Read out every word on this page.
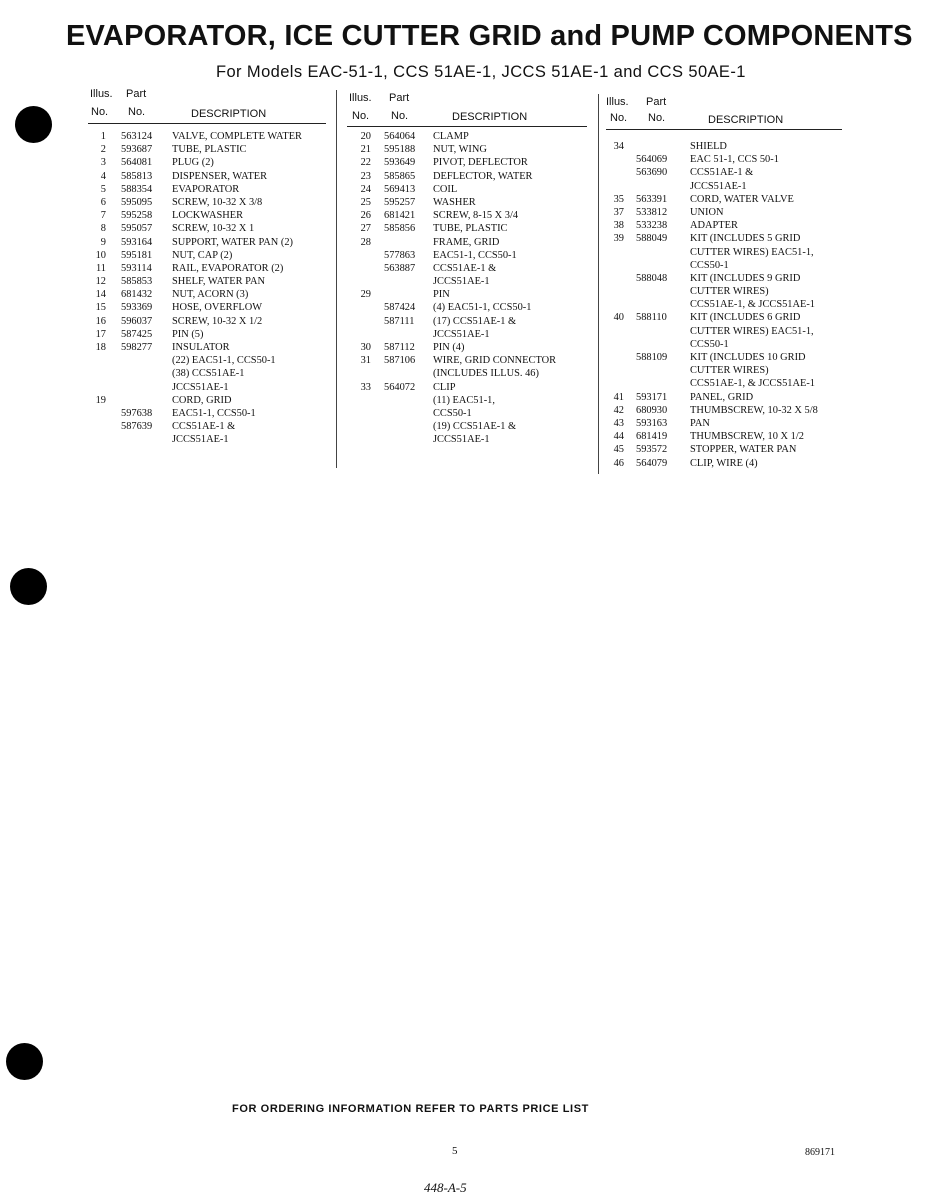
EVAPORATOR, ICE CUTTER GRID and PUMP COMPONENTS
For Models EAC-51-1, CCS 51AE-1, JCCS 51AE-1 and CCS 50AE-1
Illus. Part
No. No.	DESCRIPTION
1 563124 VALVE, COMPLETE WATER
2 593687 TUBE, PLASTIC
3 564081 PLUG (2)
4 585813 DISPENSER, WATER
5 588354 EVAPORATOR
6 595095 SCREW, 10-32 X 3/8
7 595258 LOCKWASHER
8 595057 SCREW, 10-32 X 1
9 593164 SUPPORT, WATER PAN (2)
10 595181 NUT, CAP (2)
11 593114 RAIL, EVAPORATOR (2)
12 585853 SHELF, WATER PAN
14 681432 NUT, ACORN (3)
15 593369 HOSE, OVERFLOW
16 596037 SCREW, 10-32 X 1/2
17 587425 PIN (5)
18 598277 INSULATOR
(22) EAC51-1, CCS50-1
(38) CCS51AE-1
JCCS51AE-1
19	CORD, GRID
597638 EAC51-1, CCS50-1
587639 CCS51AE-1 &
JCCS51AE-1
Illus. Part
No. No.	DESCRIPTION
20 564064 CLAMP
21 595188 NUT, WING
22 593649 PIVOT, DEFLECTOR
23 585865 DEFLECTOR, WATER
24 569413 COIL
25 595257 WASHER
26 681421 SCREW, 8-15 X 3/4
27 585856 TUBE, PLASTIC
28	FRAME, GRID
577863 EAC51-1, CCS50-1
563887 CCS51AE-1 &
JCCS51AE-1
29	PIN
587424 (4) EAC51-1, CCS50-1
587111 (17) CCS51AE-1 &
JCCS51AE-1
30 587112 PIN (4)
31 587106 WIRE, GRID CONNECTOR
(INCLUDES ILLUS. 46)
33 564072 CLIP
(11) EAC51-1,
CCS50-1
(19) CCS51AE-1 &
JCCS51AE-1
Illus. Part
No. No.	DESCRIPTION
34	SHIELD
564069 EAC 51-1, CCS 50-1
563690 CCS51AE-1 &
JCCS51AE-1
35 563391 CORD, WATER VALVE
37 533812 UNION
38 533238 ADAPTER
39 588049 KIT (INCLUDES 5 GRID
CUTTER WIRES) EAC51-1,
CCS50-1
588048 KIT (INCLUDES 9 GRID
CUTTER WIRES)
CCS51AE-1, & JCCS51AE-1
40 588110 KIT (INCLUDES 6 GRID
CUTTER WIRES) EAC51-1,
CCS50-1
588109 KIT (INCLUDES 10 GRID
CUTTER WIRES)
CCS51AE-1, & JCCS51AE-1
41 593171 PANEL, GRID
42 680930 THUMBSCREW, 10-32 X 5/8
43 593163 PAN
44 681419 THUMBSCREW, 10 X 1/2
45 593572 STOPPER, WATER PAN
46 564079 CLIP, WIRE (4)
FOR ORDERING INFORMATION REFER TO PARTS PRICE LIST
5	869171
448-A-5
